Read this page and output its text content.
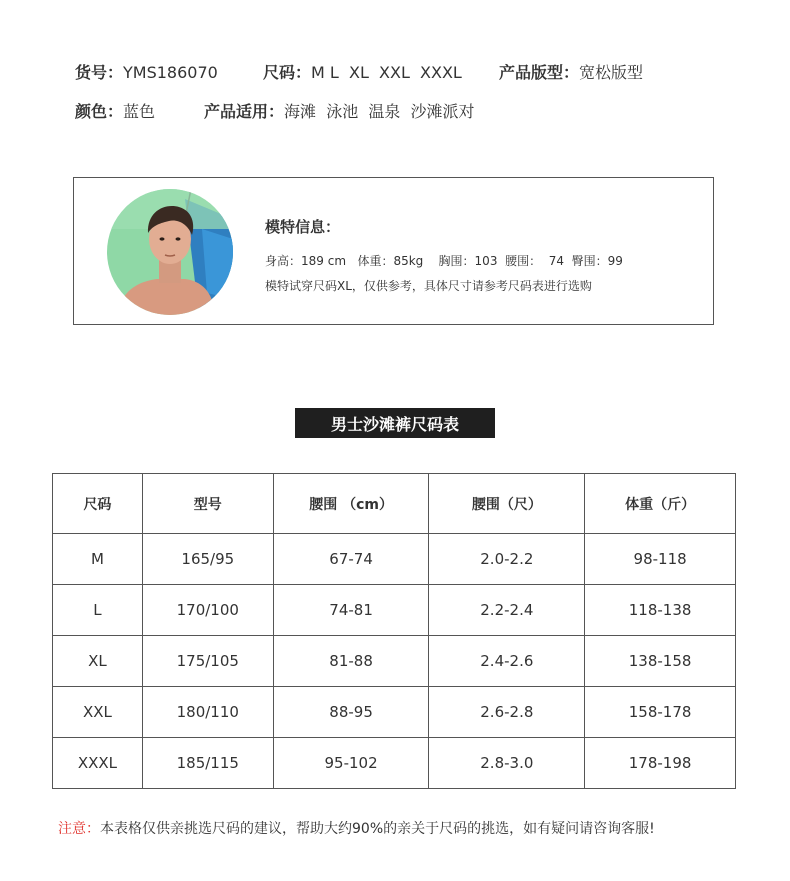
货号：YMS186070	尺码：M L  XL  XXL  XXXL 产品版型：宽松版型
颜色：蓝色	产品适用：海滩  泳池  温泉  沙滩派对
模特信息：
身高：189 cm   体重：85kg    胸围：103  腰围：  74  臀围：99
模特试穿尺码XL，仅供参考，具体尺寸请参考尺码表进行选购
男士沙滩裤尺码表
尺码	型号	腰围 （cm）	腰围（尺）	体重（斤）
M	165/95	67-74	2.0-2.2	98-118
L	170/100	74-81	2.2-2.4	118-138
XL	175/105	81-88	2.4-2.6	138-158
XXL	180/110	88-95	2.6-2.8	158-178
XXXL	185/115	95-102	2.8-3.0	178-198
注意：本表格仅供亲挑选尺码的建议，帮助大约90%的亲关于尺码的挑选，如有疑问请咨询客服!
